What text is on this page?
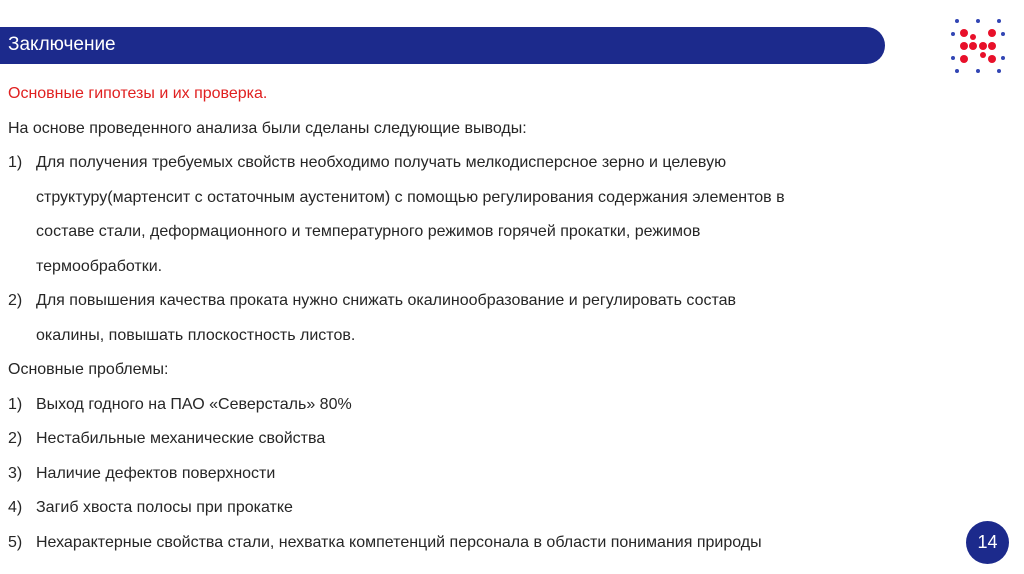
Заключение
Основные гипотезы и их проверка.
На основе проведенного анализа были сделаны следующие выводы:
1) Для получения требуемых свойств необходимо получать мелкодисперсное зерно и целевую
структуру(мартенсит с остаточным аустенитом) с помощью регулирования содержания элементов в
составе стали, деформационного и температурного режимов горячей прокатки, режимов
термообработки.
2) Для повышения качества проката нужно снижать окалинообразование и регулировать состав
окалины, повышать плоскостность листов.
Основные проблемы:
1) Выход годного на ПАО «Северсталь» 80%
2) Нестабильные механические свойства
3) Наличие дефектов поверхности
4) Загиб хвоста полосы при прокатке
5) Нехарактерные свойства стали, нехватка компетенций персонала в области понимания природы	14
